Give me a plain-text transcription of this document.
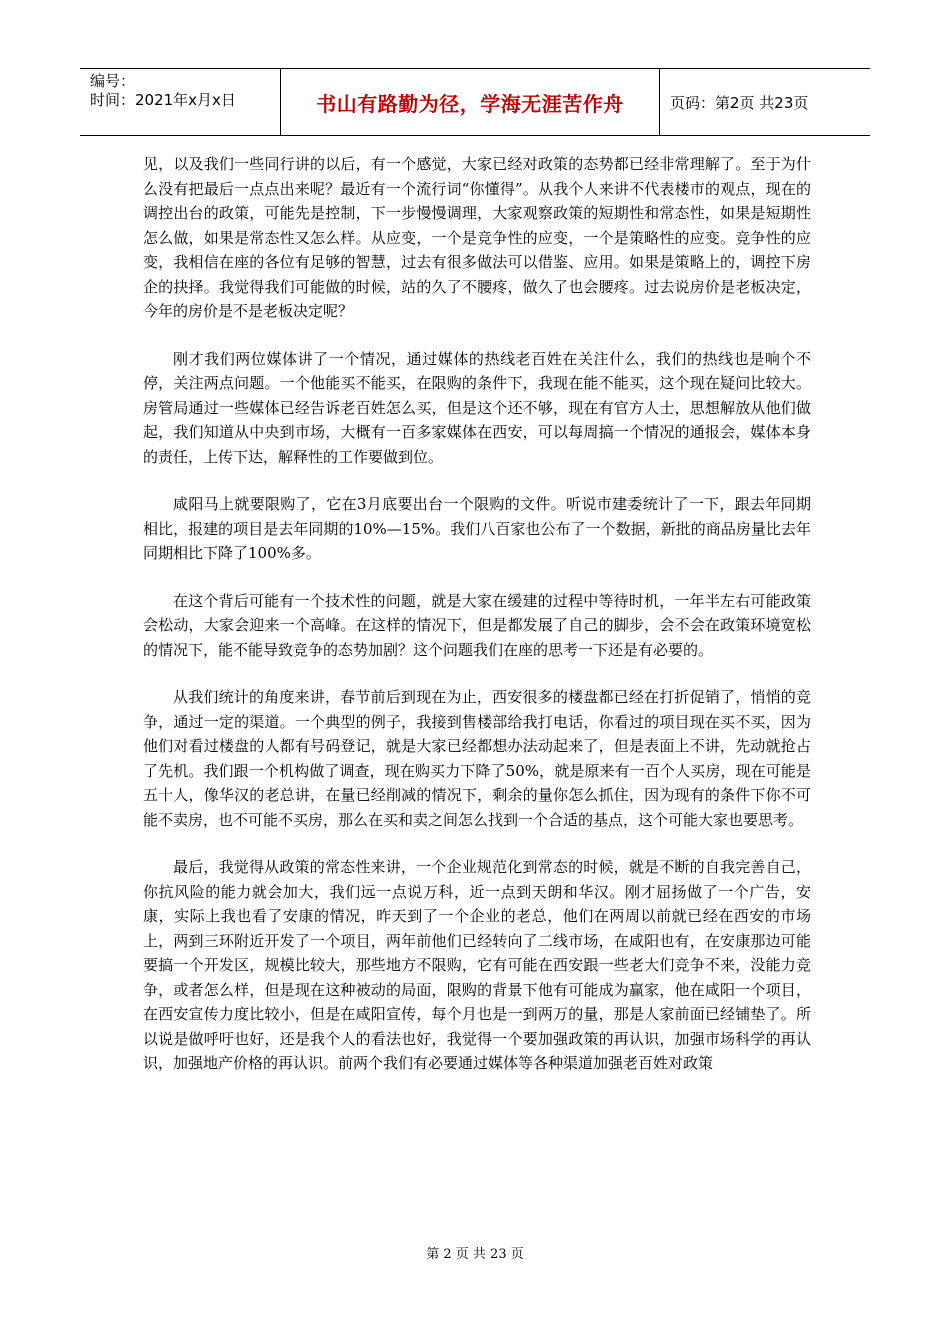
编号：
时间：2021年x月x日	书山有路勤为径，学海无涯苦作舟	页码：第2页 共23页

见，以及我们一些同行讲的以后，有一个感觉，大家已经对政策的态势都已经非常理解了。至于为什么没有把最后一点点出来呢？最近有一个流行词“你懂得”。从我个人来讲不代表楼市的观点，现在的调控出台的政策，可能先是控制，下一步慢慢调理，大家观察政策的短期性和常态性，如果是短期性怎么做，如果是常态性又怎么样。从应变，一个是竞争性的应变，一个是策略性的应变。竞争性的应变，我相信在座的各位有足够的智慧，过去有很多做法可以借鉴、应用。如果是策略上的，调控下房企的抉择。我觉得我们可能做的时候，站的久了不腰疼，做久了也会腰疼。过去说房价是老板决定，今年的房价是不是老板决定呢？

刚才我们两位媒体讲了一个情况，通过媒体的热线老百姓在关注什么，我们的热线也是响个不停，关注两点问题。一个他能买不能买，在限购的条件下，我现在能不能买，这个现在疑问比较大。房管局通过一些媒体已经告诉老百姓怎么买，但是这个还不够，现在有官方人士，思想解放从他们做起，我们知道从中央到市场，大概有一百多家媒体在西安，可以每周搞一个情况的通报会，媒体本身的责任，上传下达，解释性的工作要做到位。

咸阳马上就要限购了，它在3月底要出台一个限购的文件。听说市建委统计了一下，跟去年同期相比，报建的项目是去年同期的10%—15%。我们八百家也公布了一个数据，新批的商品房量比去年同期相比下降了100%多。

在这个背后可能有一个技术性的问题，就是大家在缓建的过程中等待时机，一年半左右可能政策会松动，大家会迎来一个高峰。在这样的情况下，但是都发展了自己的脚步，会不会在政策环境宽松的情况下，能不能导致竞争的态势加剧？这个问题我们在座的思考一下还是有必要的。

从我们统计的角度来讲，春节前后到现在为止，西安很多的楼盘都已经在打折促销了，悄悄的竞争，通过一定的渠道。一个典型的例子，我接到售楼部给我打电话，你看过的项目现在买不买，因为他们对看过楼盘的人都有号码登记，就是大家已经都想办法动起来了，但是表面上不讲，先动就抢占了先机。我们跟一个机构做了调查，现在购买力下降了50%，就是原来有一百个人买房，现在可能是五十人，像华汉的老总讲，在量已经削减的情况下，剩余的量你怎么抓住，因为现有的条件下你不可能不卖房，也不可能不买房，那么在买和卖之间怎么找到一个合适的基点，这个可能大家也要思考。

最后，我觉得从政策的常态性来讲，一个企业规范化到常态的时候，就是不断的自我完善自己，你抗风险的能力就会加大，我们远一点说万科，近一点到天朗和华汉。刚才屈扬做了一个广告，安康，实际上我也看了安康的情况，昨天到了一个企业的老总，他们在两周以前就已经在西安的市场上，两到三环附近开发了一个项目，两年前他们已经转向了二线市场，在咸阳也有，在安康那边可能要搞一个开发区，规模比较大，那些地方不限购，它有可能在西安跟一些老大们竞争不来，没能力竞争，或者怎么样，但是现在这种被动的局面，限购的背景下他有可能成为赢家，他在咸阳一个项目，在西安宣传力度比较小，但是在咸阳宣传，每个月也是一到两万的量，那是人家前面已经铺垫了。所以说是做呼吁也好，还是我个人的看法也好，我觉得一个要加强政策的再认识，加强市场科学的再认识，加强地产价格的再认识。前两个我们有必要通过媒体等各种渠道加强老百姓对政策

第 2 页 共 23 页
